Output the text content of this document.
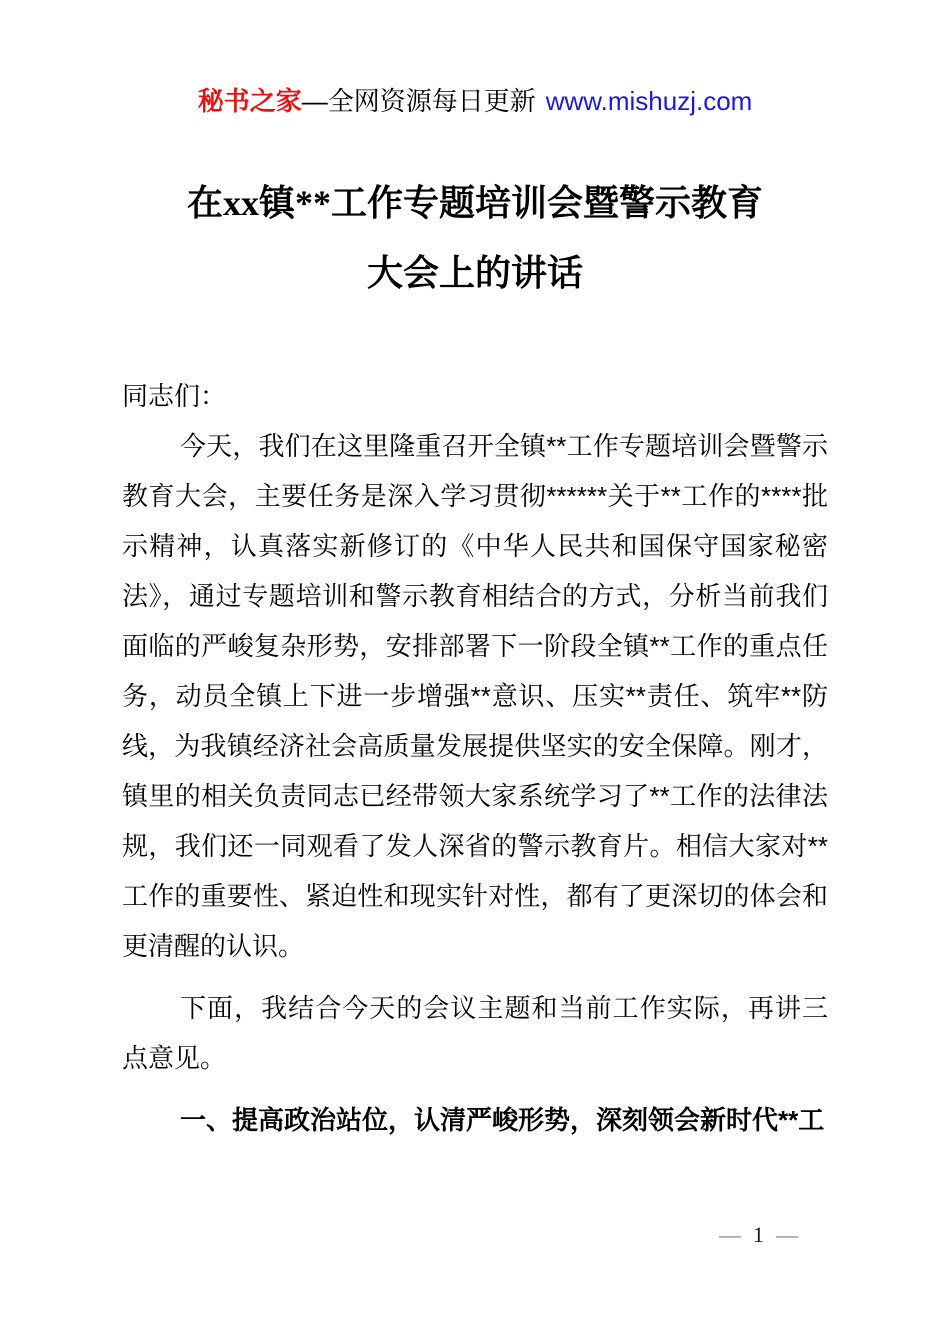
秘书之家—全网资源每日更新 www.mishuzj.com
在xx镇**工作专题培训会暨警示教育
大会上的讲话

同志们：

今天，我们在这里隆重召开全镇**工作专题培训会暨警示教育大会，主要任务是深入学习贯彻******关于**工作的****批示精神，认真落实新修订的《中华人民共和国保守国家秘密法》，通过专题培训和警示教育相结合的方式，分析当前我们面临的严峻复杂形势，安排部署下一阶段全镇**工作的重点任务，动员全镇上下进一步增强**意识、压实**责任、筑牢**防线，为我镇经济社会高质量发展提供坚实的安全保障。刚才，镇里的相关负责同志已经带领大家系统学习了**工作的法律法规，我们还一同观看了发人深省的警示教育片。相信大家对**工作的重要性、紧迫性和现实针对性，都有了更深切的体会和更清醒的认识。

下面，我结合今天的会议主题和当前工作实际，再讲三点意见。

一、提高政治站位，认清严峻形势，深刻领会新时代**工

— 1 —
